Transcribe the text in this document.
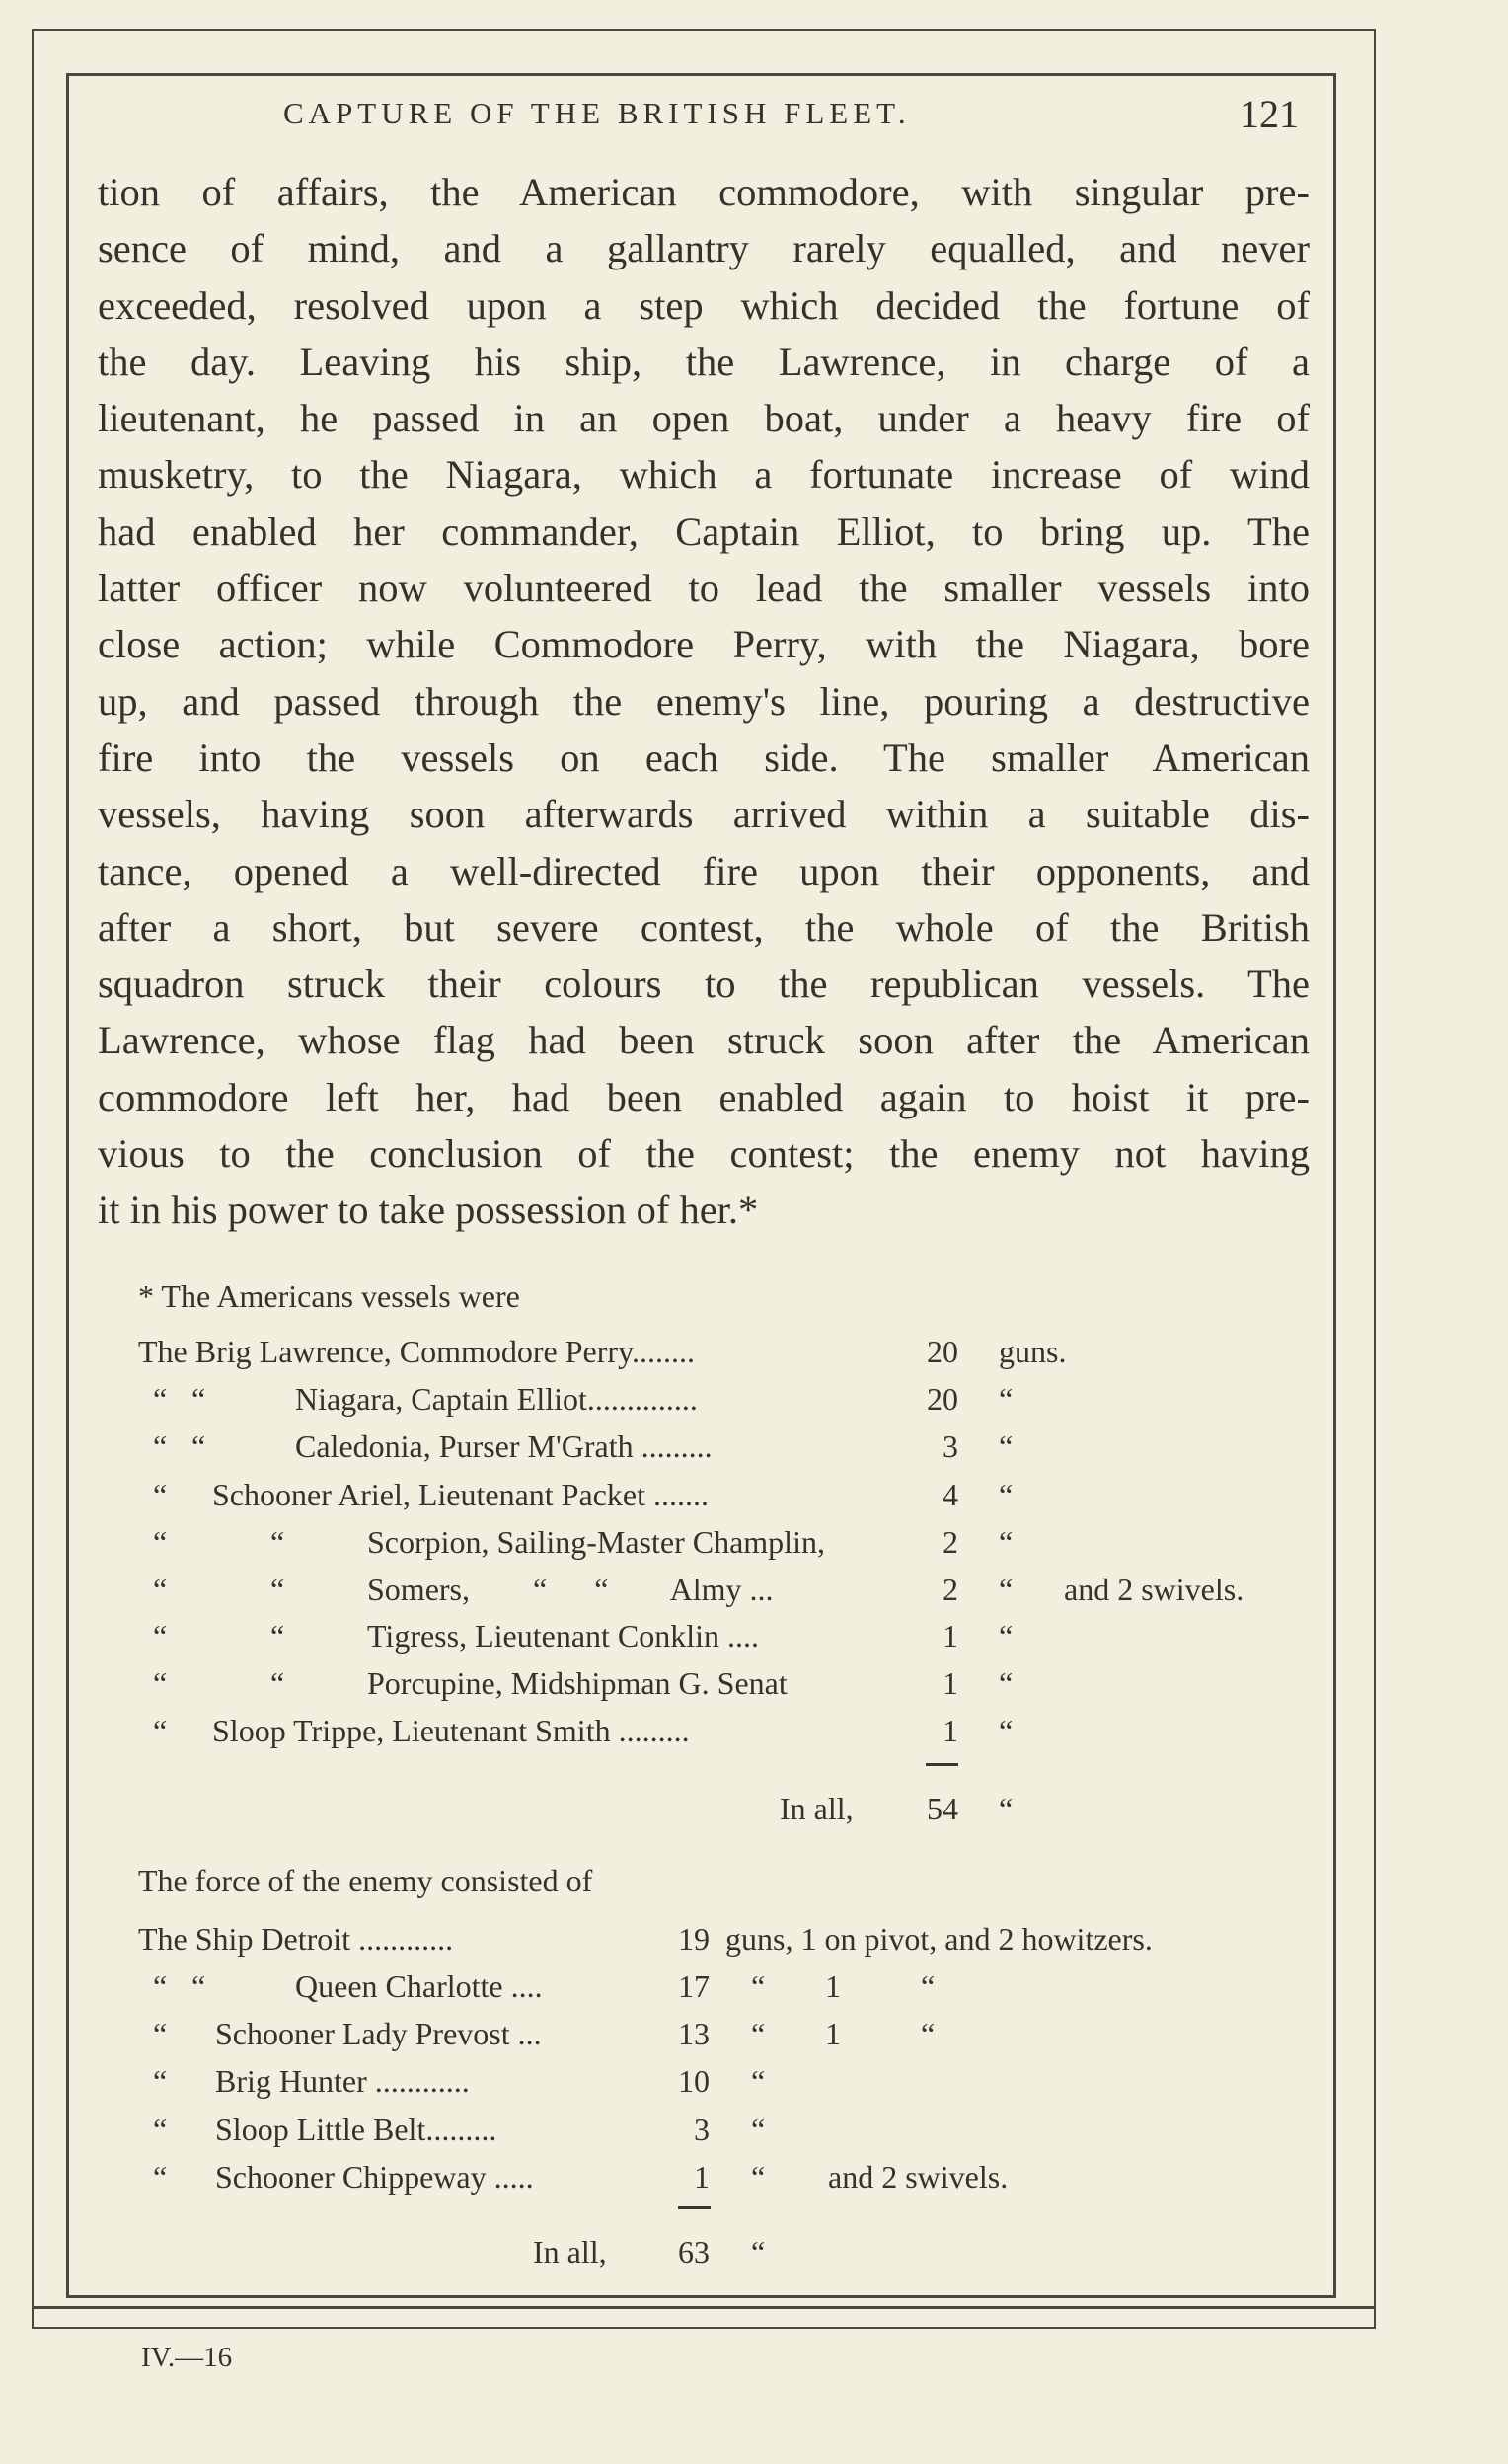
CAPTURE OF THE BRITISH FLEET.	121
tion of affairs, the American commodore, with singular pre-
sence of mind, and a gallantry rarely equalled, and never
exceeded, resolved upon a step which decided the fortune of
the day. Leaving his ship, the Lawrence, in charge of a
lieutenant, he passed in an open boat, under a heavy fire of
musketry, to the Niagara, which a fortunate increase of wind
had enabled her commander, Captain Elliot, to bring up. The
latter officer now volunteered to lead the smaller vessels into
close action; while Commodore Perry, with the Niagara, bore
up, and passed through the enemy's line, pouring a destructive
fire into the vessels on each side. The smaller American
vessels, having soon afterwards arrived within a suitable dis-
tance, opened a well-directed fire upon their opponents, and
after a short, but severe contest, the whole of the British
squadron struck their colours to the republican vessels. The
Lawrence, whose flag had been struck soon after the American
commodore left her, had been enabled again to hoist it pre-
vious to the conclusion of the contest; the enemy not having
it in his power to take possession of her.*
* The Americans vessels were
The Brig Lawrence, Commodore Perry........	20 guns.
“ “	Niagara, Captain Elliot..............	20 “
“ “	Caledonia, Purser M'Grath .........	3 “
“ Schooner Ariel, Lieutenant Packet .......	4 “
“	“	Scorpion, Sailing-Master Champlin,	2 “
“	“	Somers,        “      “        Almy ...	2 “ and 2 swivels.
“	“	Tigress, Lieutenant Conklin ....	1 “
“	“	Porcupine, Midshipman G. Senat	1 “
“ Sloop Trippe, Lieutenant Smith .........	1 “
In all,	54 “
The force of the enemy consisted of
The Ship Detroit ............	19 guns, 1 on pivot, and 2 howitzers.
“ “	Queen Charlotte ....	17 “ 1	“
“ Schooner Lady Prevost ...	13 “ 1	“
“ Brig Hunter ............	10 “
“ Sloop Little Belt.........	3 “
“ Schooner Chippeway .....	1 “ and 2 swivels.
In all,	63 “
IV.—16
